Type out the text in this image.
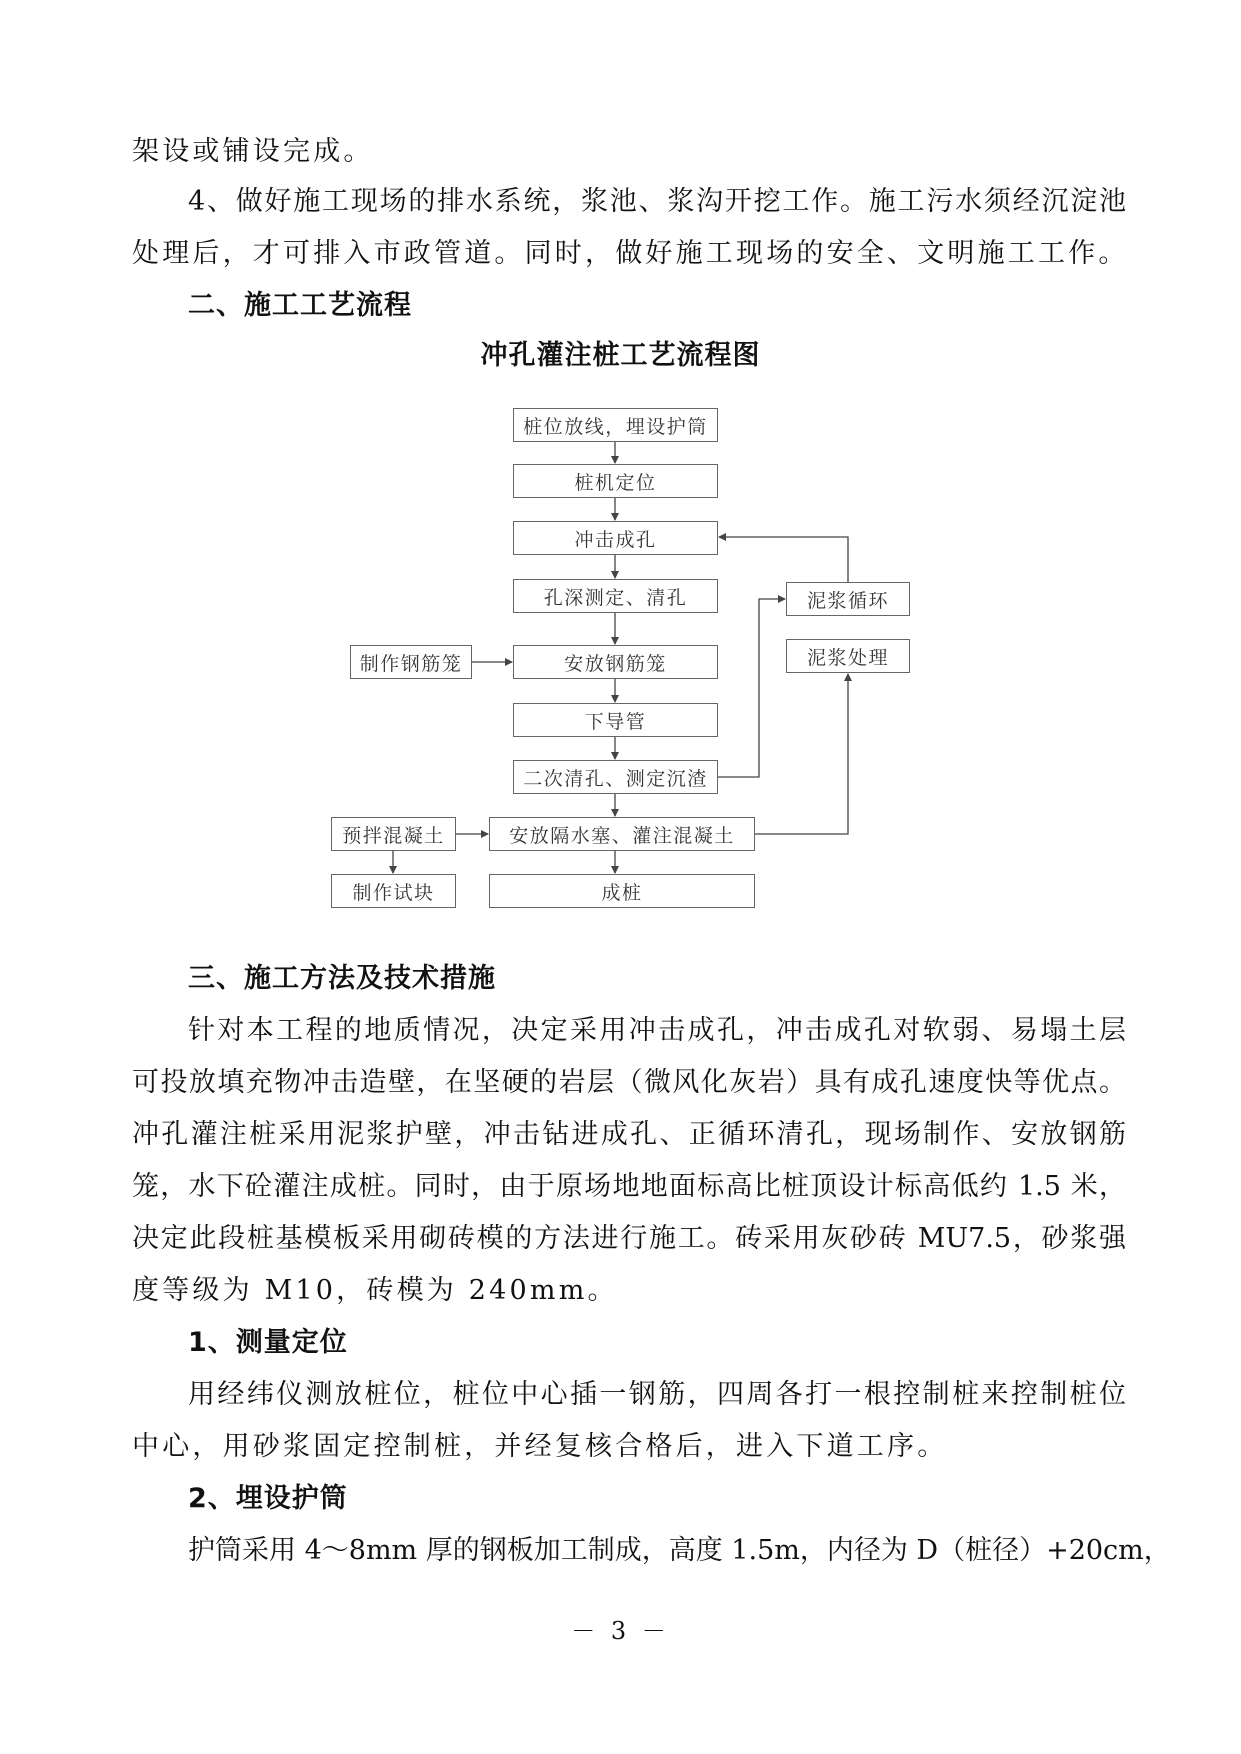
架设或铺设完成。
4、做好施工现场的排水系统，浆池、浆沟开挖工作。施工污水须经沉淀池
处理后，才可排入市政管道。同时，做好施工现场的安全、文明施工工作。
二、施工工艺流程
冲孔灌注桩工艺流程图
桩位放线，埋设护筒
桩机定位
冲击成孔
孔深测定、清孔
安放钢筋笼
下导管
二次清孔、测定沉渣
安放隔水塞、灌注混凝土
成桩
制作钢筋笼
预拌混凝土
制作试块
泥浆循环
泥浆处理
三、施工方法及技术措施
针对本工程的地质情况，决定采用冲击成孔，冲击成孔对软弱、易塌土层
可投放填充物冲击造壁，在坚硬的岩层（微风化灰岩）具有成孔速度快等优点。
冲孔灌注桩采用泥浆护壁，冲击钻进成孔、正循环清孔，现场制作、安放钢筋
笼，水下砼灌注成桩。同时，由于原场地地面标高比桩顶设计标高低约 1.5 米，
决定此段桩基模板采用砌砖模的方法进行施工。砖采用灰砂砖 MU7.5，砂浆强
度等级为 M10，砖模为 240mm。
1、测量定位
用经纬仪测放桩位，桩位中心插一钢筋，四周各打一根控制桩来控制桩位
中心，用砂浆固定控制桩，并经复核合格后，进入下道工序。
2、埋设护筒
护筒采用 4～8mm 厚的钢板加工制成，高度 1.5m，内径为 D（桩径）+20cm，
－ 3 －
